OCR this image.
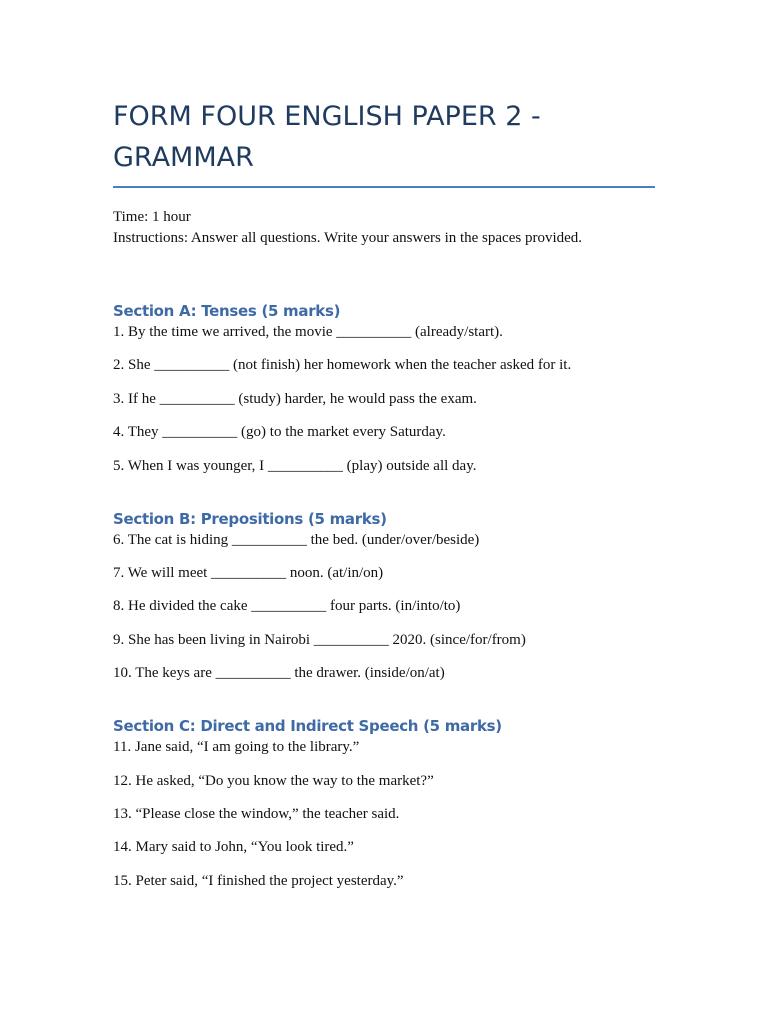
FORM FOUR ENGLISH PAPER 2 - GRAMMAR
Time: 1 hour
Instructions: Answer all questions. Write your answers in the spaces provided.
Section A: Tenses (5 marks)
1. By the time we arrived, the movie __________ (already/start).
2. She __________ (not finish) her homework when the teacher asked for it.
3. If he __________ (study) harder, he would pass the exam.
4. They __________ (go) to the market every Saturday.
5. When I was younger, I __________ (play) outside all day.
Section B: Prepositions (5 marks)
6. The cat is hiding __________ the bed. (under/over/beside)
7. We will meet __________ noon. (at/in/on)
8. He divided the cake __________ four parts. (in/into/to)
9. She has been living in Nairobi __________ 2020. (since/for/from)
10. The keys are __________ the drawer. (inside/on/at)
Section C: Direct and Indirect Speech (5 marks)
11. Jane said, “I am going to the library.”
12. He asked, “Do you know the way to the market?”
13. “Please close the window,” the teacher said.
14. Mary said to John, “You look tired.”
15. Peter said, “I finished the project yesterday.”
